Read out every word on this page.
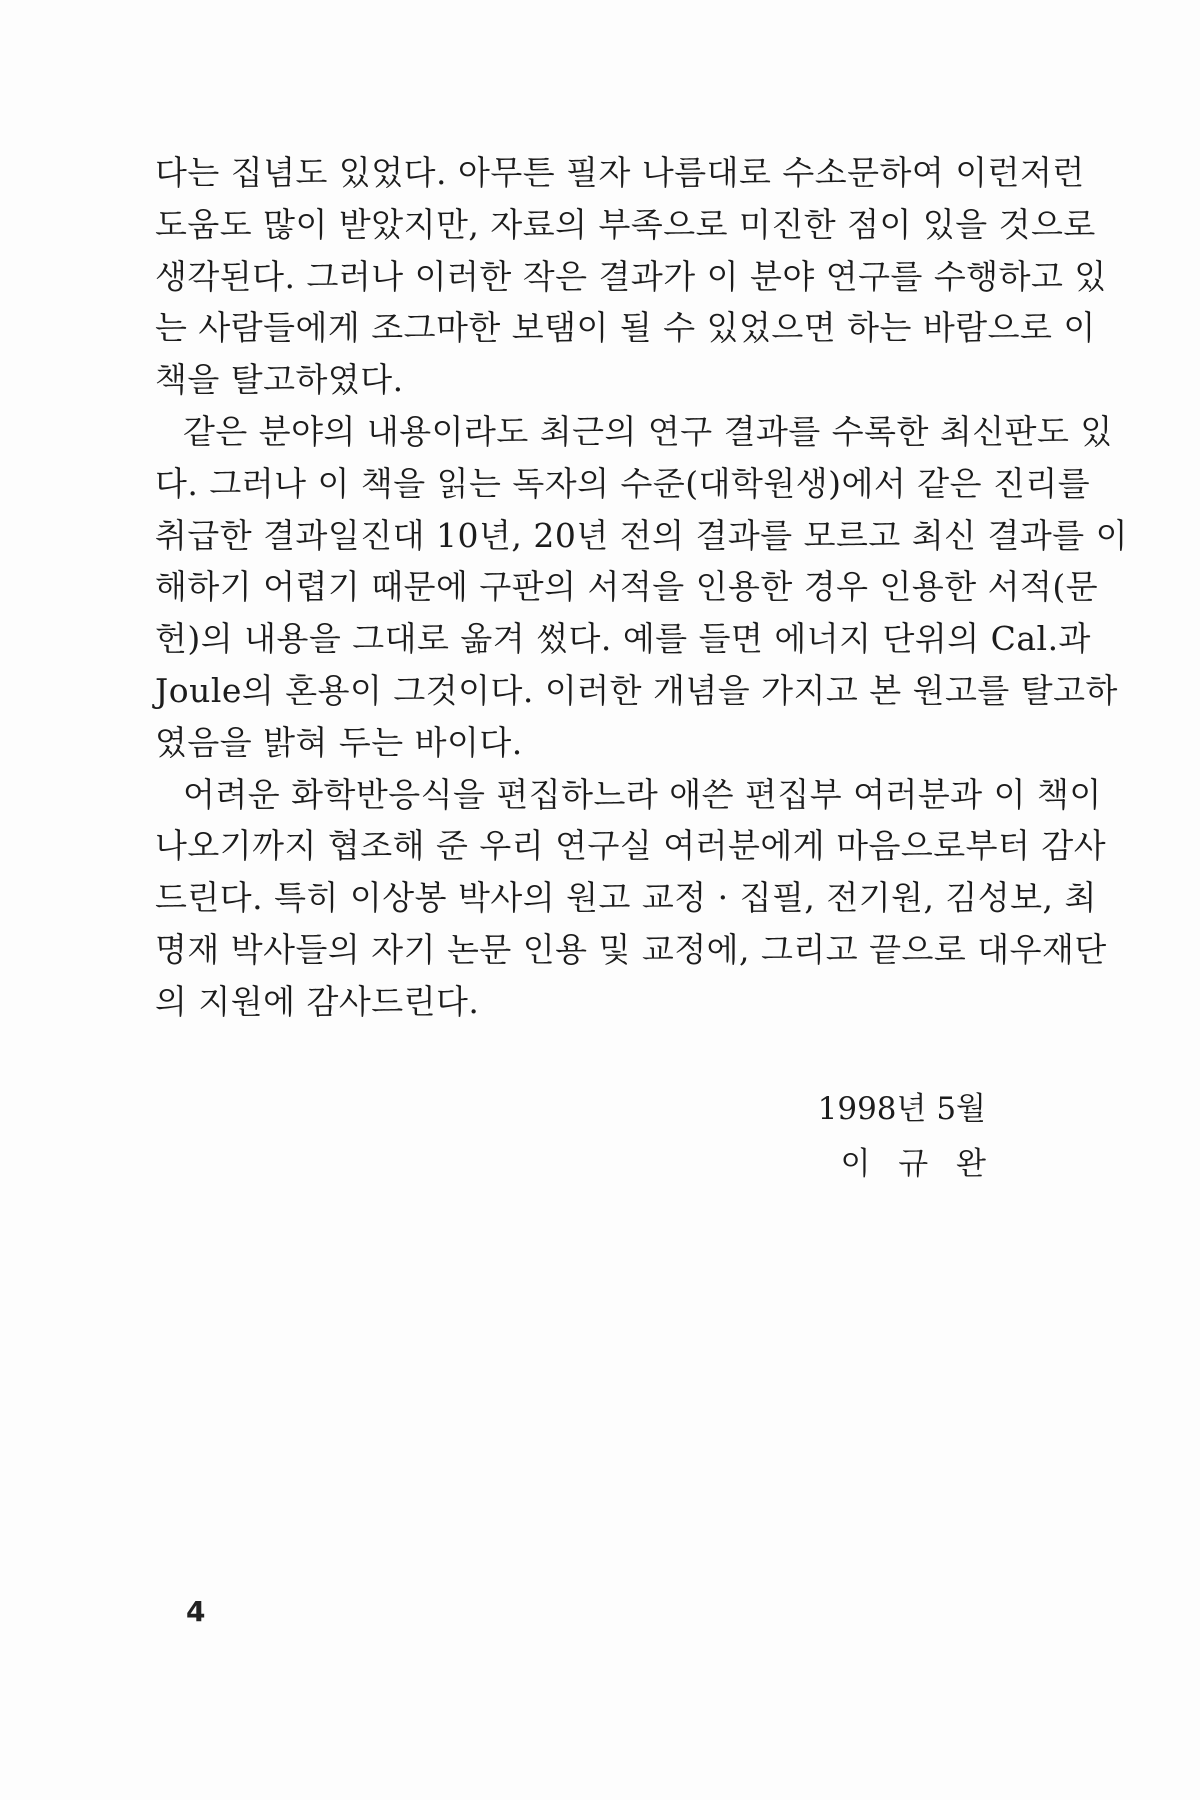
다는 집념도 있었다. 아무튼 필자 나름대로 수소문하여 이런저런
도움도 많이 받았지만, 자료의 부족으로 미진한 점이 있을 것으로
생각된다. 그러나 이러한 작은 결과가 이 분야 연구를 수행하고 있
는 사람들에게 조그마한 보탬이 될 수 있었으면 하는 바람으로 이
책을 탈고하였다.
같은 분야의 내용이라도 최근의 연구 결과를 수록한 최신판도 있
다. 그러나 이 책을 읽는 독자의 수준(대학원생)에서 같은 진리를
취급한 결과일진대 10년, 20년 전의 결과를 모르고 최신 결과를 이
해하기 어렵기 때문에 구판의 서적을 인용한 경우 인용한 서적(문
헌)의 내용을 그대로 옮겨 썼다. 예를 들면 에너지 단위의 Cal.과
Joule의 혼용이 그것이다. 이러한 개념을 가지고 본 원고를 탈고하
였음을 밝혀 두는 바이다.
어려운 화학반응식을 편집하느라 애쓴 편집부 여러분과 이 책이
나오기까지 협조해 준 우리 연구실 여러분에게 마음으로부터 감사
드린다. 특히 이상봉 박사의 원고 교정 · 집필, 전기원, 김성보, 최
명재 박사들의 자기 논문 인용 및 교정에, 그리고 끝으로 대우재단
의 지원에 감사드린다.
1998년 5월
이 규 완
4
